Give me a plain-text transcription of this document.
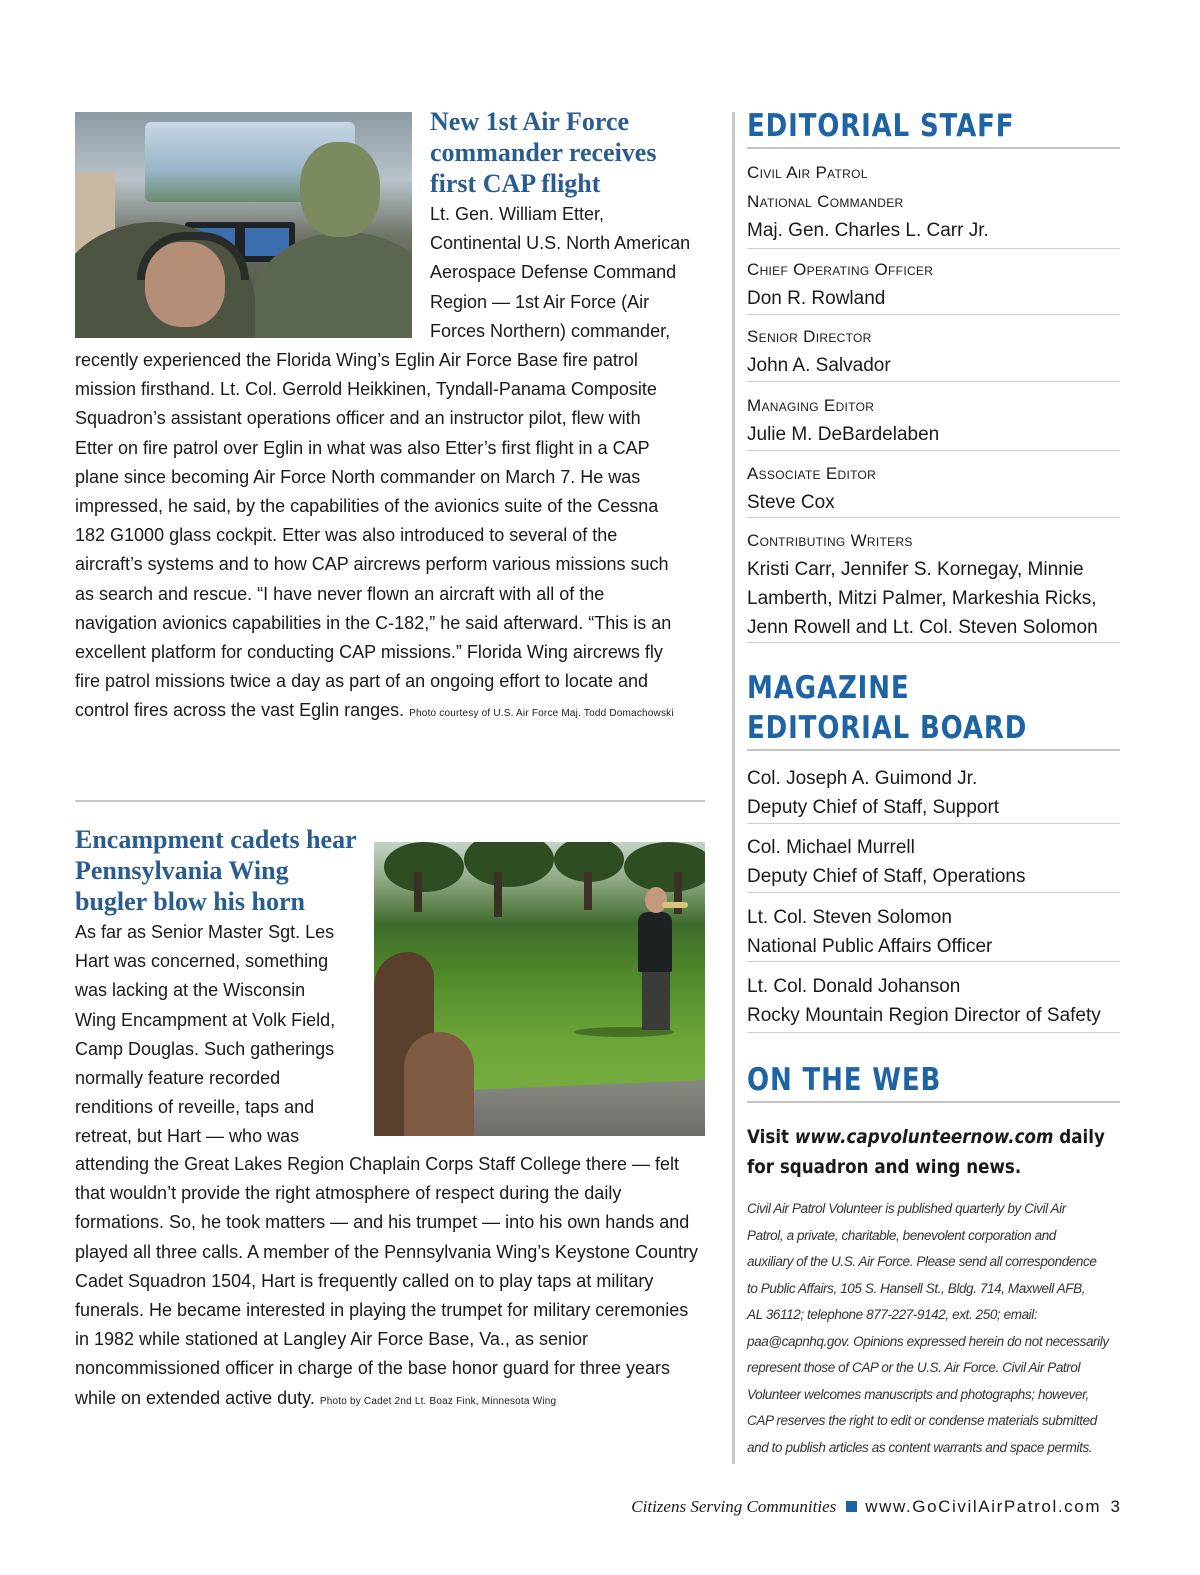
New 1st Air Force
commander receives
first CAP flight

Lt. Gen. William Etter,

Continental U.S. North American

Aerospace Defense Command

Region — 1st Air Force (Air

Forces Northern) commander,

recently experienced the Florida Wing’s Eglin Air Force Base fire patrol mission firsthand. Lt. Col. Gerrold Heikkinen, Tyndall-Panama Composite Squadron’s assistant operations officer and an instructor pilot, flew with Etter on fire patrol over Eglin in what was also Etter’s first flight in a CAP plane since becoming Air Force North commander on March 7. He was impressed, he said, by the capabilities of the avionics suite of the Cessna 182 G1000 glass cockpit. Etter was also introduced to several of the aircraft’s systems and to how CAP aircrews perform various missions such as search and rescue. “I have never flown an aircraft with all of the navigation avionics capabilities in the C-182,” he said afterward. “This is an excellent platform for conducting CAP missions.” Florida Wing aircrews fly fire patrol missions twice a day as part of an ongoing effort to locate and control fires across the vast Eglin ranges. Photo courtesy of U.S. Air Force Maj. Todd Domachowski

Encampment cadets hear
Pennsylvania Wing
bugler blow his horn

As far as Senior Master Sgt. Les

Hart was concerned, something

was lacking at the Wisconsin

Wing Encampment at Volk Field,

Camp Douglas. Such gatherings

normally feature recorded

renditions of reveille, taps and

retreat, but Hart — who was

attending the Great Lakes Region Chaplain Corps Staff College there — felt that wouldn’t provide the right atmosphere of respect during the daily formations. So, he took matters — and his trumpet — into his own hands and played all three calls. A member of the Pennsylvania Wing’s Keystone Country Cadet Squadron 1504, Hart is frequently called on to play taps at military funerals. He became interested in playing the trumpet for military ceremonies in 1982 while stationed at Langley Air Force Base, Va., as senior noncommissioned officer in charge of the base honor guard for three years while on extended active duty. Photo by Cadet 2nd Lt. Boaz Fink, Minnesota Wing

EDITORIAL STAFF

Civil Air Patrol

National Commander

Maj. Gen. Charles L. Carr Jr.

Chief Operating Officer

Don R. Rowland

Senior Director

John A. Salvador

Managing Editor

Julie M. DeBardelaben

Associate Editor

Steve Cox

Contributing Writers

Kristi Carr, Jennifer S. Kornegay, Minnie

Lamberth, Mitzi Palmer, Markeshia Ricks,

Jenn Rowell and Lt. Col. Steven Solomon

MAGAZINE
EDITORIAL BOARD

Col. Joseph A. Guimond Jr.

Deputy Chief of Staff, Support

Col. Michael Murrell

Deputy Chief of Staff, Operations

Lt. Col. Steven Solomon

National Public Affairs Officer

Lt. Col. Donald Johanson

Rocky Mountain Region Director of Safety

ON THE WEB

Visit www.capvolunteernow.com daily

for squadron and wing news.

Civil Air Patrol Volunteer is published quarterly by Civil Air

Patrol, a private, charitable, benevolent corporation and

auxiliary of the U.S. Air Force. Please send all correspondence

to Public Affairs, 105 S. Hansell St., Bldg. 714, Maxwell AFB,

AL 36112; telephone 877-227-9142, ext. 250; email:

paa@capnhq.gov. Opinions expressed herein do not necessarily

represent those of CAP or the U.S. Air Force. Civil Air Patrol

Volunteer welcomes manuscripts and photographs; however,

CAP reserves the right to edit or condense materials submitted

and to publish articles as content warrants and space permits.

Citizens Serving Communities www.GoCivilAirPatrol.com 3
